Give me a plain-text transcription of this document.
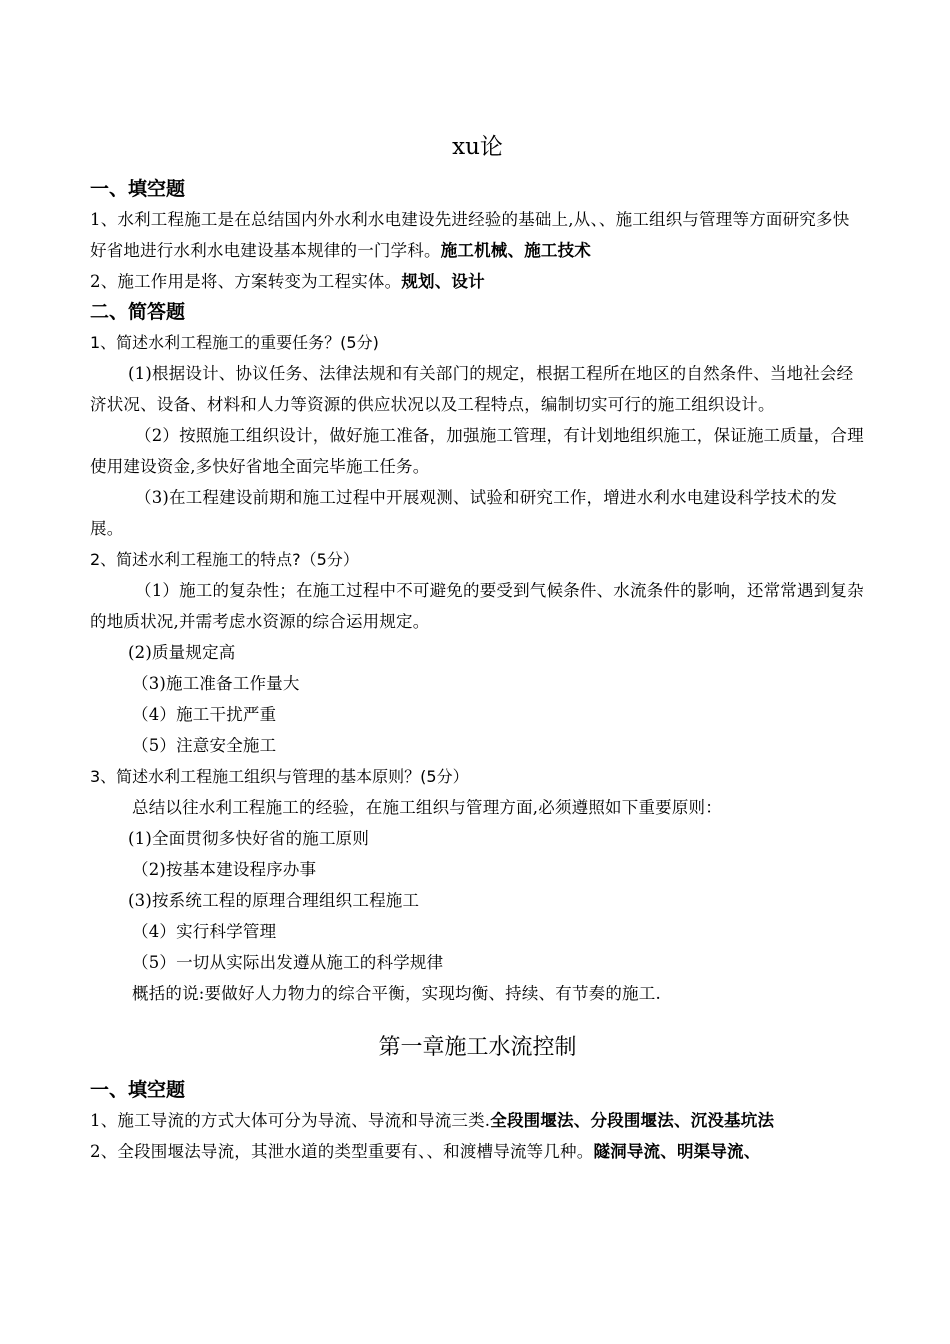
xu论
一、填空题

1、水利工程施工是在总结国内外水利水电建设先进经验的基础上,从、、施工组织与管理等方面研究多快好省地进行水利水电建设基本规律的一门学科。施工机械、施工技术

2、施工作用是将、方案转变为工程实体。规划、设计

二、简答题
1、简述水利工程施工的重要任务？(5分)

(1)根据设计、协议任务、法律法规和有关部门的规定，根据工程所在地区的自然条件、当地社会经济状况、设备、材料和人力等资源的供应状况以及工程特点，编制切实可行的施工组织设计。

（2）按照施工组织设计，做好施工准备，加强施工管理，有计划地组织施工，保证施工质量，合理使用建设资金,多快好省地全面完毕施工任务。

（3)在工程建设前期和施工过程中开展观测、试验和研究工作，增进水利水电建设科学技术的发展。

2、简述水利工程施工的特点?（5分）

（1）施工的复杂性；在施工过程中不可避免的要受到气候条件、水流条件的影响，还常常遇到复杂的地质状况,并需考虑水资源的综合运用规定。

(2)质量规定高

（3)施工准备工作量大

（4）施工干扰严重

（5）注意安全施工

3、简述水利工程施工组织与管理的基本原则？(5分）

总结以往水利工程施工的经验，在施工组织与管理方面,必须遵照如下重要原则：

(1)全面贯彻多快好省的施工原则

（2)按基本建设程序办事

(3)按系统工程的原理合理组织工程施工

（4）实行科学管理

（5）一切从实际出发遵从施工的科学规律

概括的说:要做好人力物力的综合平衡，实现均衡、持续、有节奏的施工.

第一章施工水流控制
一、填空题

1、施工导流的方式大体可分为导流、导流和导流三类.全段围堰法、分段围堰法、沉没基坑法

2、全段围堰法导流，其泄水道的类型重要有、、和渡槽导流等几种。隧洞导流、明渠导流、
